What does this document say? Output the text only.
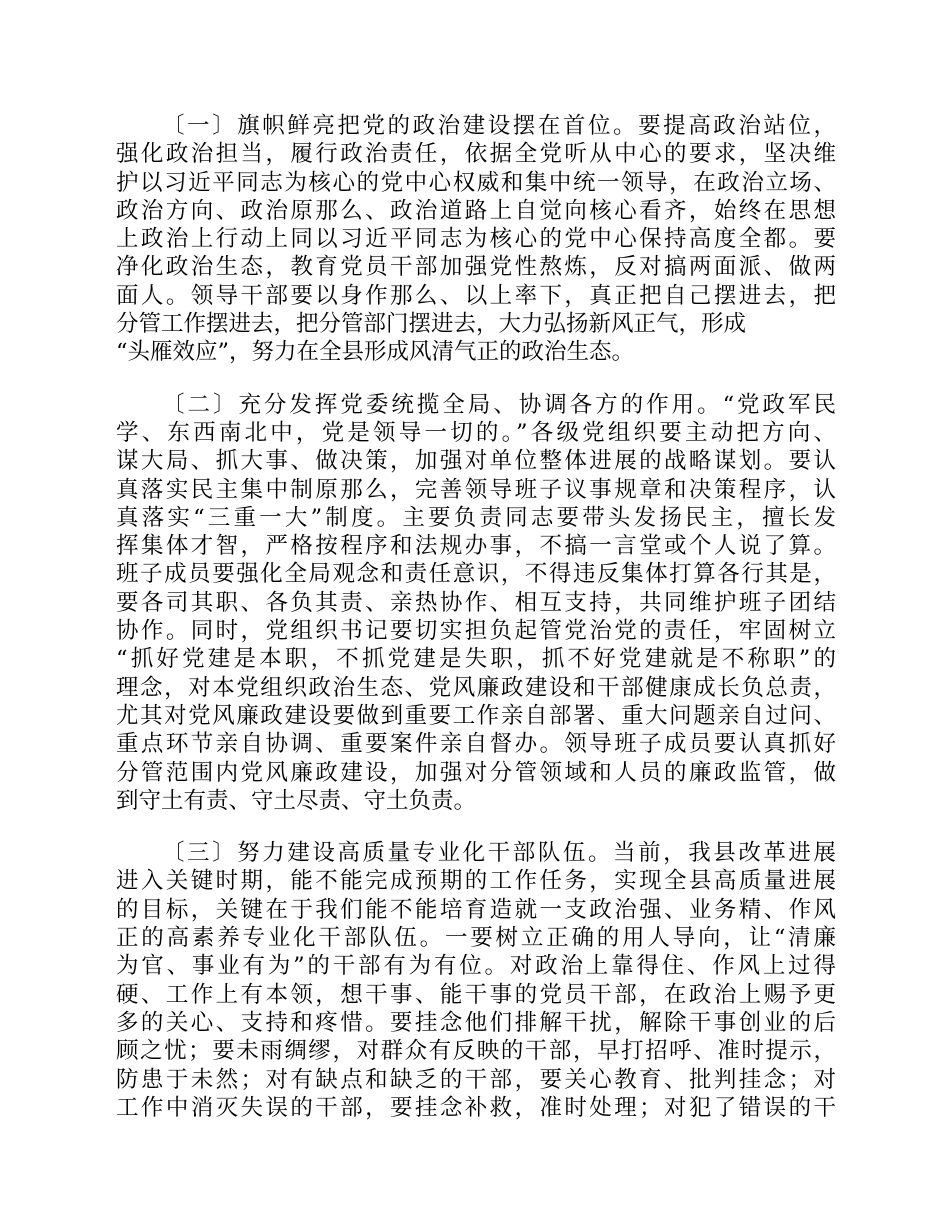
〔一〕旗帜鲜亮把党的政治建设摆在首位。要提高政治站位，
强化政治担当，履行政治责任，依据全党听从中心的要求，坚决维
护以习近平同志为核心的党中心权威和集中统一领导，在政治立场、
政治方向、政治原那么、政治道路上自觉向核心看齐，始终在思想
上政治上行动上同以习近平同志为核心的党中心保持高度全都。要
净化政治生态，教育党员干部加强党性熬炼，反对搞两面派、做两
面人。领导干部要以身作那么、以上率下，真正把自己摆进去，把
分管工作摆进去，把分管部门摆进去，大力弘扬新风正气，形成
“头雁效应”，努力在全县形成风清气正的政治生态。
〔二〕充分发挥党委统揽全局、协调各方的作用。“党政军民
学、东西南北中，党是领导一切的。”各级党组织要主动把方向、
谋大局、抓大事、做决策，加强对单位整体进展的战略谋划。要认
真落实民主集中制原那么，完善领导班子议事规章和决策程序，认
真落实“三重一大”制度。主要负责同志要带头发扬民主，擅长发
挥集体才智，严格按程序和法规办事，不搞一言堂或个人说了算。
班子成员要强化全局观念和责任意识，不得违反集体打算各行其是，
要各司其职、各负其责、亲热协作、相互支持，共同维护班子团结
协作。同时，党组织书记要切实担负起管党治党的责任，牢固树立
“抓好党建是本职，不抓党建是失职，抓不好党建就是不称职”的
理念，对本党组织政治生态、党风廉政建设和干部健康成长负总责，
尤其对党风廉政建设要做到重要工作亲自部署、重大问题亲自过问、
重点环节亲自协调、重要案件亲自督办。领导班子成员要认真抓好
分管范围内党风廉政建设，加强对分管领域和人员的廉政监管，做
到守土有责、守土尽责、守土负责。
〔三〕努力建设高质量专业化干部队伍。当前，我县改革进展
进入关键时期，能不能完成预期的工作任务，实现全县高质量进展
的目标，关键在于我们能不能培育造就一支政治强、业务精、作风
正的高素养专业化干部队伍。一要树立正确的用人导向，让“清廉
为官、事业有为”的干部有为有位。对政治上靠得住、作风上过得
硬、工作上有本领，想干事、能干事的党员干部，在政治上赐予更
多的关心、支持和疼惜。要挂念他们排解干扰，解除干事创业的后
顾之忧；要未雨绸缪，对群众有反映的干部，早打招呼、准时提示，
防患于未然；对有缺点和缺乏的干部，要关心教育、批判挂念；对
工作中消灭失误的干部，要挂念补救，准时处理；对犯了错误的干
